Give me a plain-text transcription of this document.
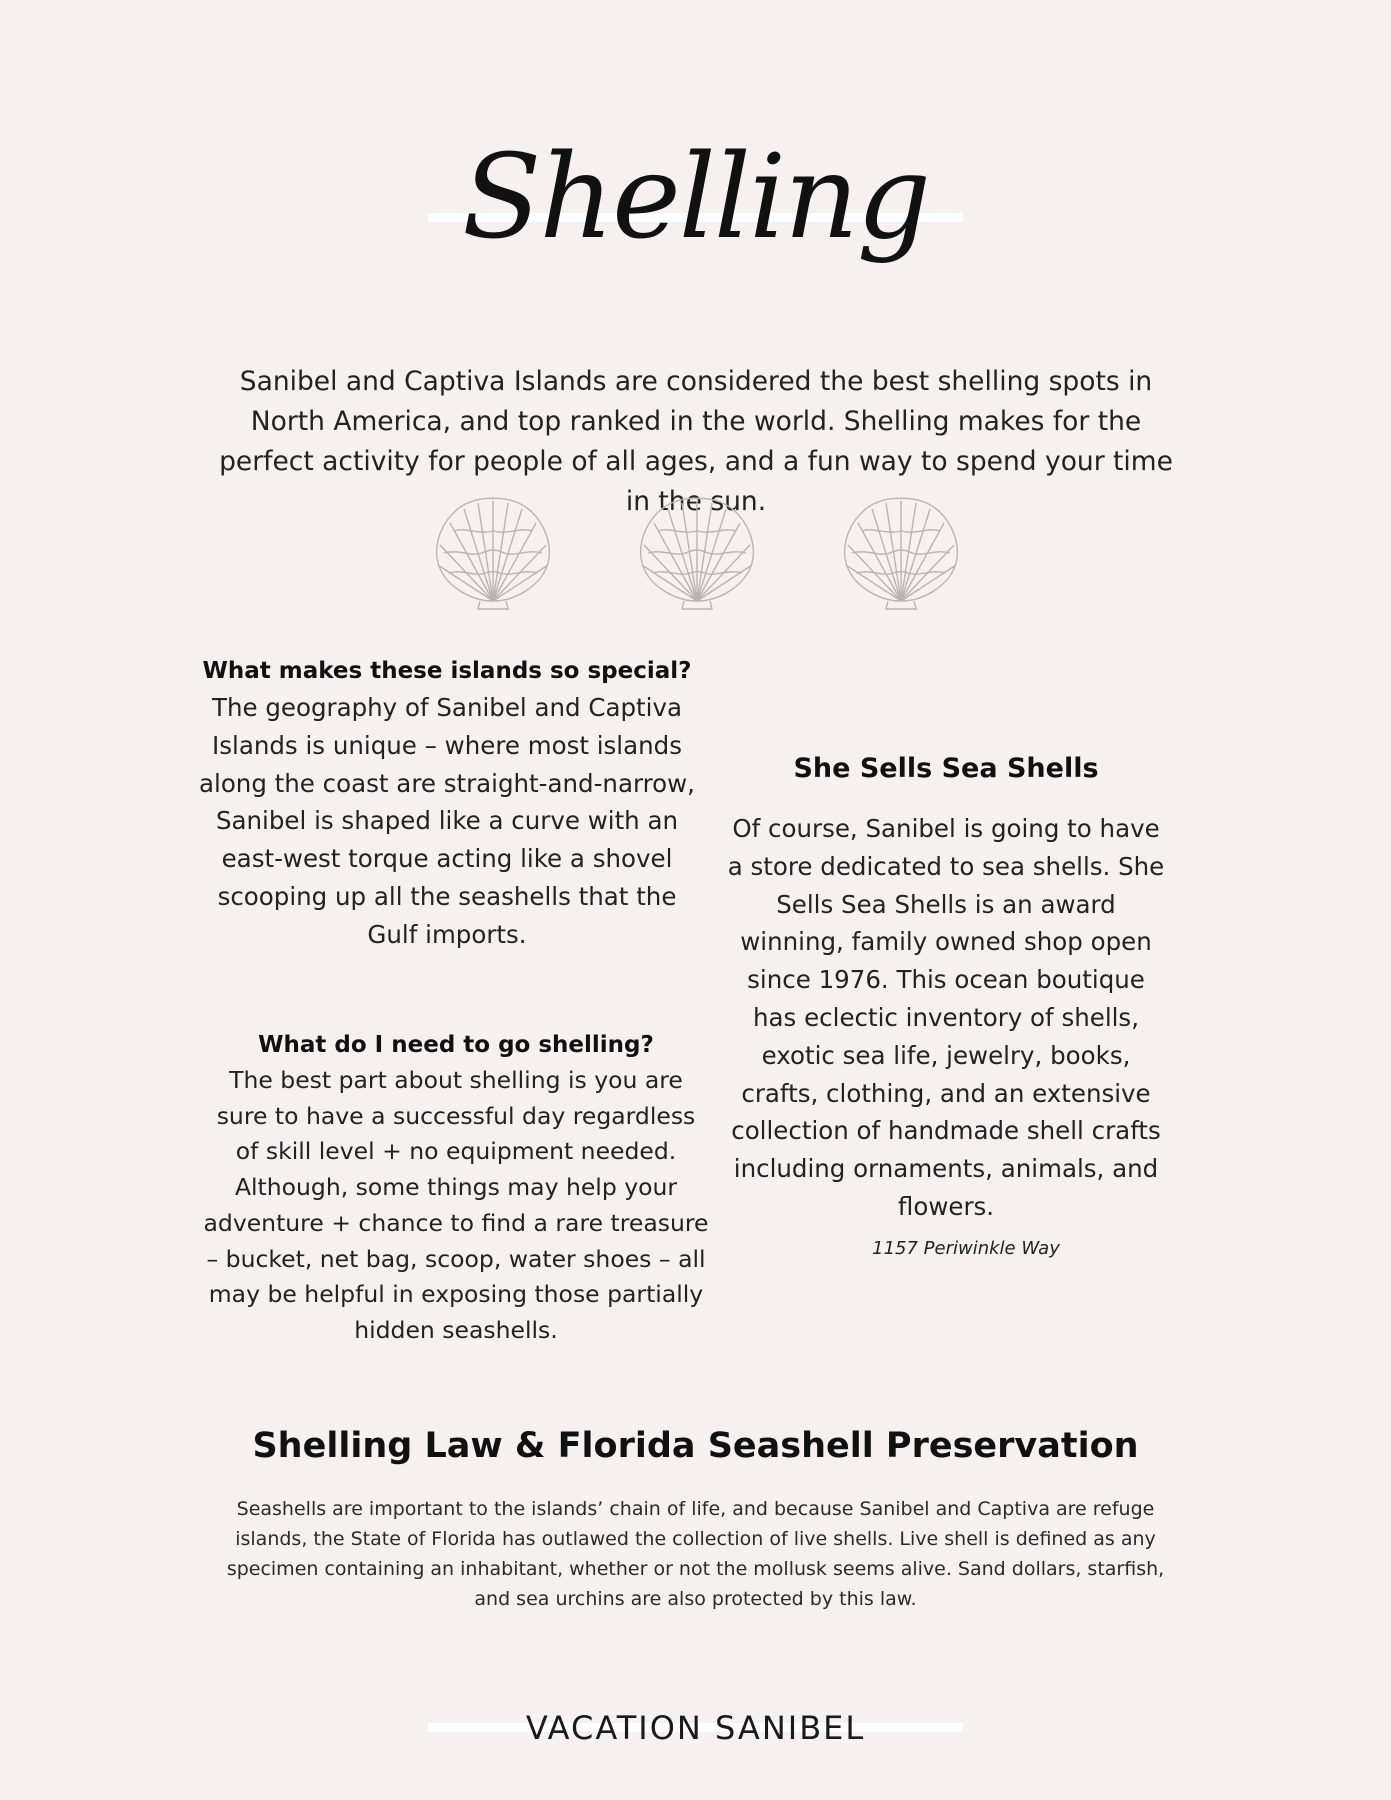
Shelling
Sanibel and Captiva Islands are considered the best shelling spots in North America, and top ranked in the world. Shelling makes for the perfect activity for people of all ages, and a fun way to spend your time in the sun.
What makes these islands so special?

The geography of Sanibel and Captiva Islands is unique – where most islands along the coast are straight-and-narrow, Sanibel is shaped like a curve with an east-west torque acting like a shovel scooping up all the seashells that the Gulf imports.

What do I need to go shelling?

The best part about shelling is you are sure to have a successful day regardless of skill level + no equipment needed. Although, some things may help your adventure + chance to find a rare treasure – bucket, net bag, scoop, water shoes – all may be helpful in exposing those partially hidden seashells.

She Sells Sea Shells

Of course, Sanibel is going to have a store dedicated to sea shells. She Sells Sea Shells is an award winning, family owned shop open since 1976. This ocean boutique has eclectic inventory of shells, exotic sea life, jewelry, books, crafts, clothing, and an extensive collection of handmade shell crafts including ornaments, animals, and flowers.

1157 Periwinkle Way

Shelling Law & Florida Seashell Preservation
Seashells are important to the islands’ chain of life, and because Sanibel and Captiva are refuge islands, the State of Florida has outlawed the collection of live shells. Live shell is defined as any specimen containing an inhabitant, whether or not the mollusk seems alive. Sand dollars, starfish, and sea urchins are also protected by this law.
VACATION SANIBEL
